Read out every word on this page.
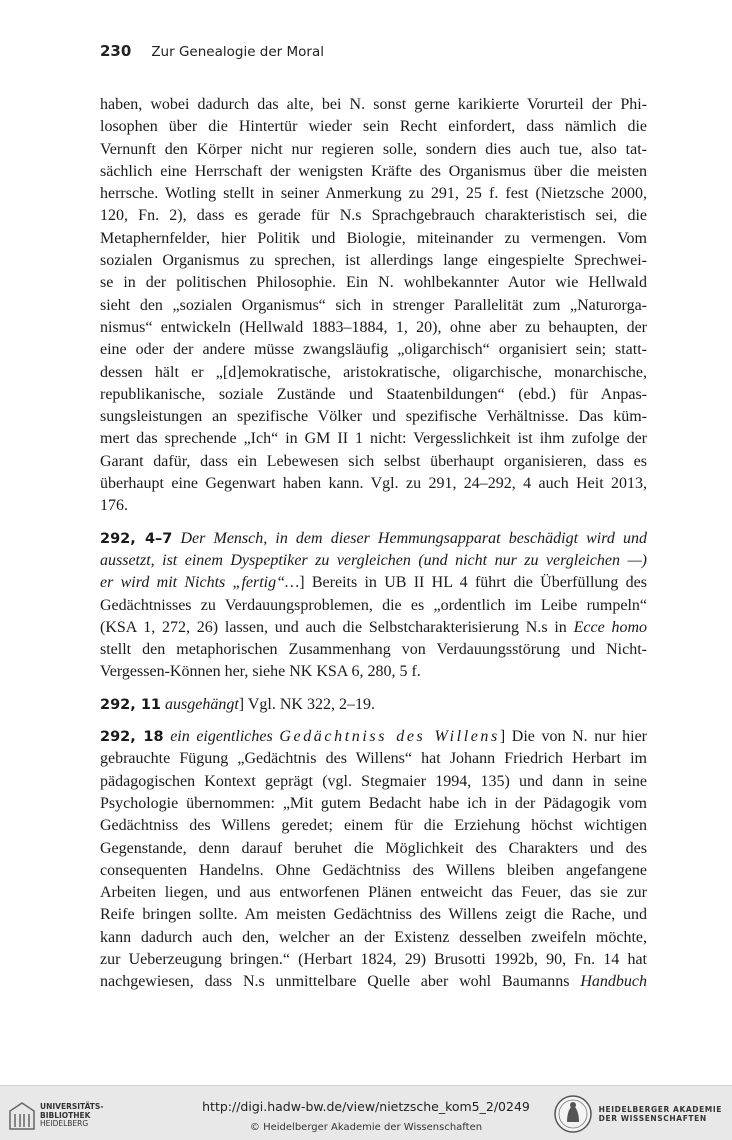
230 Zur Genealogie der Moral

haben, wobei dadurch das alte, bei N. sonst gerne karikierte Vorurteil der Phi-
losophen über die Hintertür wieder sein Recht einfordert, dass nämlich die
Vernunft den Körper nicht nur regieren solle, sondern dies auch tue, also tat-
sächlich eine Herrschaft der wenigsten Kräfte des Organismus über die meisten
herrsche. Wotling stellt in seiner Anmerkung zu 291, 25 f. fest (Nietzsche 2000,
120, Fn. 2), dass es gerade für N.s Sprachgebrauch charakteristisch sei, die
Metaphernfelder, hier Politik und Biologie, miteinander zu vermengen. Vom
sozialen Organismus zu sprechen, ist allerdings lange eingespielte Sprechwei-
se in der politischen Philosophie. Ein N. wohlbekannter Autor wie Hellwald
sieht den „sozialen Organismus“ sich in strenger Parallelität zum „Naturorga-
nismus“ entwickeln (Hellwald 1883–1884, 1, 20), ohne aber zu behaupten, der
eine oder der andere müsse zwangsläufig „oligarchisch“ organisiert sein; statt-
dessen hält er „[d]emokratische, aristokratische, oligarchische, monarchische,
republikanische, soziale Zustände und Staatenbildungen“ (ebd.) für Anpas-
sungsleistungen an spezifische Völker und spezifische Verhältnisse. Das küm-
mert das sprechende „Ich“ in GM II 1 nicht: Vergesslichkeit ist ihm zufolge der
Garant dafür, dass ein Lebewesen sich selbst überhaupt organisieren, dass es
überhaupt eine Gegenwart haben kann. Vgl. zu 291, 24–292, 4 auch Heit 2013,
176.

292, 4–7 Der Mensch, in dem dieser Hemmungsapparat beschädigt wird und
aussetzt, ist einem Dyspeptiker zu vergleichen (und nicht nur zu vergleichen —)
er wird mit Nichts „fertig“…] Bereits in UB II HL 4 führt die Überfüllung des
Gedächtnisses zu Verdauungsproblemen, die es „ordentlich im Leibe rumpeln“
(KSA 1, 272, 26) lassen, und auch die Selbstcharakterisierung N.s in Ecce homo
stellt den metaphorischen Zusammenhang von Verdauungsstörung und Nicht-
Vergessen-Können her, siehe NK KSA 6, 280, 5 f.

292, 11 ausgehängt] Vgl. NK 322, 2–19.

292, 18 ein eigentliches Gedächtniss des Willens] Die von N. nur hier
gebrauchte Fügung „Gedächtnis des Willens“ hat Johann Friedrich Herbart im
pädagogischen Kontext geprägt (vgl. Stegmaier 1994, 135) und dann in seine
Psychologie übernommen: „Mit gutem Bedacht habe ich in der Pädagogik vom
Gedächtniss des Willens geredet; einem für die Erziehung höchst wichtigen
Gegenstande, denn darauf beruhet die Möglichkeit des Charakters und des
consequenten Handelns. Ohne Gedächtniss des Willens bleiben angefangene
Arbeiten liegen, und aus entworfenen Plänen entweicht das Feuer, das sie zur
Reife bringen sollte. Am meisten Gedächtniss des Willens zeigt die Rache, und
kann dadurch auch den, welcher an der Existenz desselben zweifeln möchte,
zur Ueberzeugung bringen.“ (Herbart 1824, 29) Brusotti 1992b, 90, Fn. 14 hat
nachgewiesen, dass N.s unmittelbare Quelle aber wohl Baumanns Handbuch

UNIVERSITÄTS-
BIBLIOTHEK
HEIDELBERG
http://digi.hadw-bw.de/view/nietzsche_kom5_2/0249
© Heidelberger Akademie der Wissenschaften
HEIDELBERGER AKADEMIE
DER WISSENSCHAFTEN
